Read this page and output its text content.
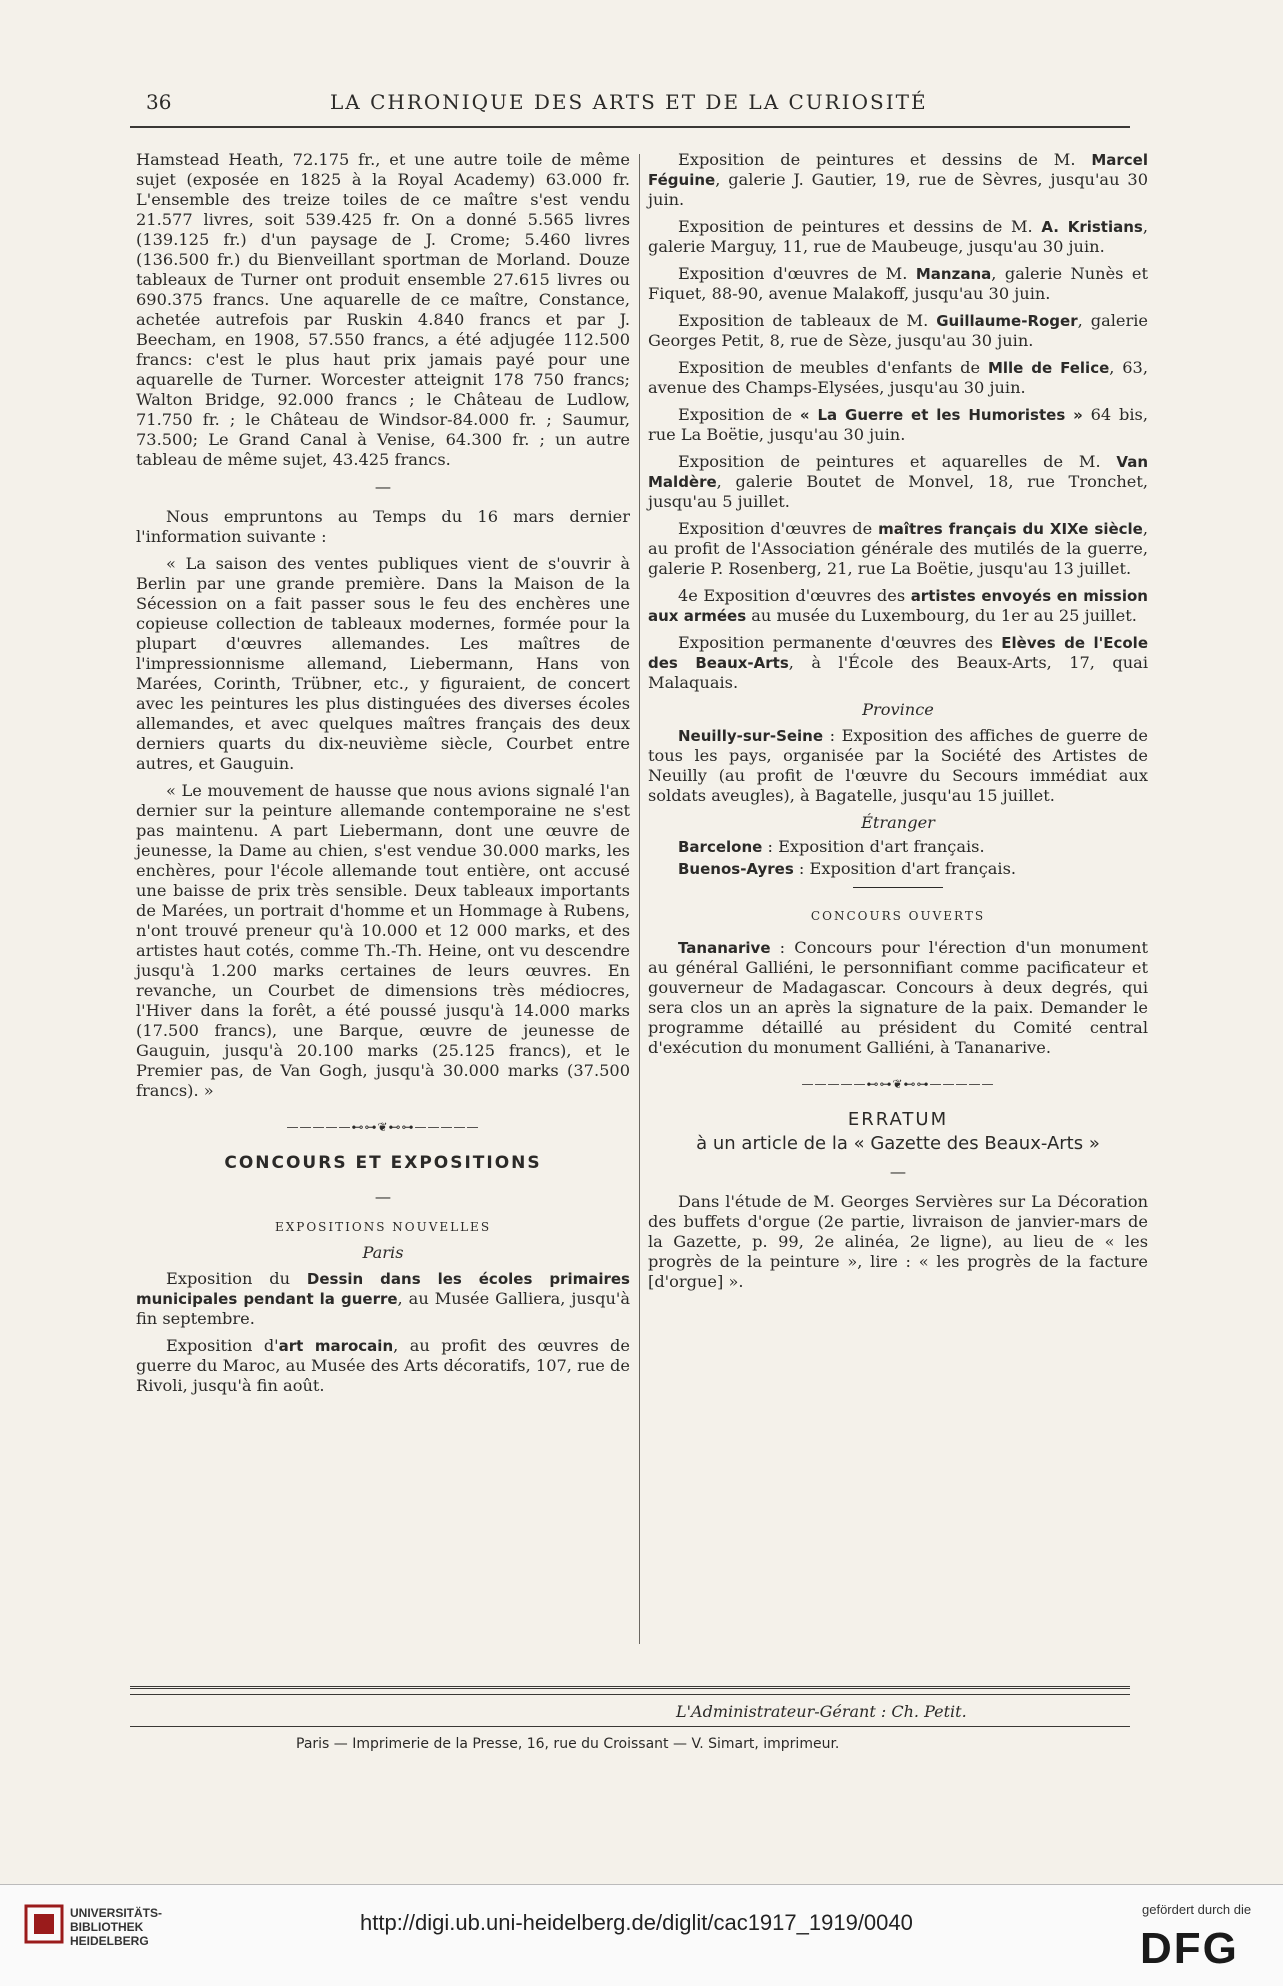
36	LA CHRONIQUE DES ARTS ET DE LA CURIOSITÉ

Hamstead Heath, 72.175 fr., et une autre toile de même sujet (exposée en 1825 à la Royal Academy) 63.000 fr. L'ensemble des treize toiles de ce maître s'est vendu 21.577 livres, soit 539.425 fr. On a donné 5.565 livres (139.125 fr.) d'un paysage de J. Crome; 5.460 livres (136.500 fr.) du Bienveillant sportman de Morland. Douze tableaux de Turner ont produit ensemble 27.615 livres ou 690.375 francs. Une aquarelle de ce maître, Constance, achetée autrefois par Ruskin 4.840 francs et par J. Beecham, en 1908, 57.550 francs, a été adjugée 112.500 francs: c'est le plus haut prix jamais payé pour une aquarelle de Turner. Worcester atteignit 178 750 francs; Walton Bridge, 92.000 francs ; le Château de Ludlow, 71.750 fr. ; le Château de Windsor-84.000 fr. ; Saumur, 73.500; Le Grand Canal à Venise, 64.300 fr. ; un autre tableau de même sujet, 43.425 francs.

—

Nous empruntons au Temps du 16 mars dernier l'information suivante :

« La saison des ventes publiques vient de s'ouvrir à Berlin par une grande première. Dans la Maison de la Sécession on a fait passer sous le feu des enchères une copieuse collection de tableaux modernes, formée pour la plupart d'œuvres allemandes. Les maîtres de l'impressionnisme allemand, Liebermann, Hans von Marées, Corinth, Trübner, etc., y figuraient, de concert avec les peintures les plus distinguées des diverses écoles allemandes, et avec quelques maîtres français des deux derniers quarts du dix-neuvième siècle, Courbet entre autres, et Gauguin.

« Le mouvement de hausse que nous avions signalé l'an dernier sur la peinture allemande contemporaine ne s'est pas maintenu. A part Liebermann, dont une œuvre de jeunesse, la Dame au chien, s'est vendue 30.000 marks, les enchères, pour l'école allemande tout entière, ont accusé une baisse de prix très sensible. Deux tableaux importants de Marées, un portrait d'homme et un Hommage à Rubens, n'ont trouvé preneur qu'à 10.000 et 12 000 marks, et des artistes haut cotés, comme Th.-Th. Heine, ont vu descendre jusqu'à 1.200 marks certaines de leurs œuvres. En revanche, un Courbet de dimensions très médiocres, l'Hiver dans la forêt, a été poussé jusqu'à 14.000 marks (17.500 francs), une Barque, œuvre de jeunesse de Gauguin, jusqu'à 20.100 marks (25.125 francs), et le Premier pas, de Van Gogh, jusqu'à 30.000 marks (37.500 francs). »

—————⊷⊶❦⊷⊶—————
CONCOURS ET EXPOSITIONS
—
EXPOSITIONS NOUVELLES
Paris

Exposition du Dessin dans les écoles primaires municipales pendant la guerre, au Musée Galliera, jusqu'à fin septembre.

Exposition d'art marocain, au profit des œuvres de guerre du Maroc, au Musée des Arts décoratifs, 107, rue de Rivoli, jusqu'à fin août.

Exposition de peintures et dessins de M. Marcel Féguine, galerie J. Gautier, 19, rue de Sèvres, jusqu'au 30 juin.

Exposition de peintures et dessins de M. A. Kristians, galerie Marguy, 11, rue de Maubeuge, jusqu'au 30 juin.

Exposition d'œuvres de M. Manzana, galerie Nunès et Fiquet, 88-90, avenue Malakoff, jusqu'au 30 juin.

Exposition de tableaux de M. Guillaume-Roger, galerie Georges Petit, 8, rue de Sèze, jusqu'au 30 juin.

Exposition de meubles d'enfants de Mlle de Felice, 63, avenue des Champs-Elysées, jusqu'au 30 juin.

Exposition de « La Guerre et les Humoristes » 64 bis, rue La Boëtie, jusqu'au 30 juin.

Exposition de peintures et aquarelles de M. Van Maldère, galerie Boutet de Monvel, 18, rue Tronchet, jusqu'au 5 juillet.

Exposition d'œuvres de maîtres français du XIXe siècle, au profit de l'Association générale des mutilés de la guerre, galerie P. Rosenberg, 21, rue La Boëtie, jusqu'au 13 juillet.

4e Exposition d'œuvres des artistes envoyés en mission aux armées au musée du Luxembourg, du 1er au 25 juillet.

Exposition permanente d'œuvres des Elèves de l'Ecole des Beaux-Arts, à l'École des Beaux-Arts, 17, quai Malaquais.

Province

Neuilly-sur-Seine : Exposition des affiches de guerre de tous les pays, organisée par la Société des Artistes de Neuilly (au profit de l'œuvre du Secours immédiat aux soldats aveugles), à Bagatelle, jusqu'au 15 juillet.

Étranger

Barcelone : Exposition d'art français.

Buenos-Ayres : Exposition d'art français.

CONCOURS OUVERTS

Tananarive : Concours pour l'érection d'un monument au général Galliéni, le personnifiant comme pacificateur et gouverneur de Madagascar. Concours à deux degrés, qui sera clos un an après la signature de la paix. Demander le programme détaillé au président du Comité central d'exécution du monument Galliéni, à Tananarive.

—————⊷⊶❦⊷⊶—————
ERRATUM
à un article de la « Gazette des Beaux-Arts »
—

Dans l'étude de M. Georges Servières sur La Décoration des buffets d'orgue (2e partie, livraison de janvier-mars de la Gazette, p. 99, 2e alinéa, 2e ligne), au lieu de « les progrès de la peinture », lire : « les progrès de la facture [d'orgue] ».

L'Administrateur-Gérant : Ch. Petit.
Paris — Imprimerie de la Presse, 16, rue du Croissant — V. Simart, imprimeur.
UNIVERSITÄTS-
BIBLIOTHEK
HEIDELBERG
http://digi.ub.uni-heidelberg.de/diglit/cac1917_1919/0040
gefördert durch die
DFG
